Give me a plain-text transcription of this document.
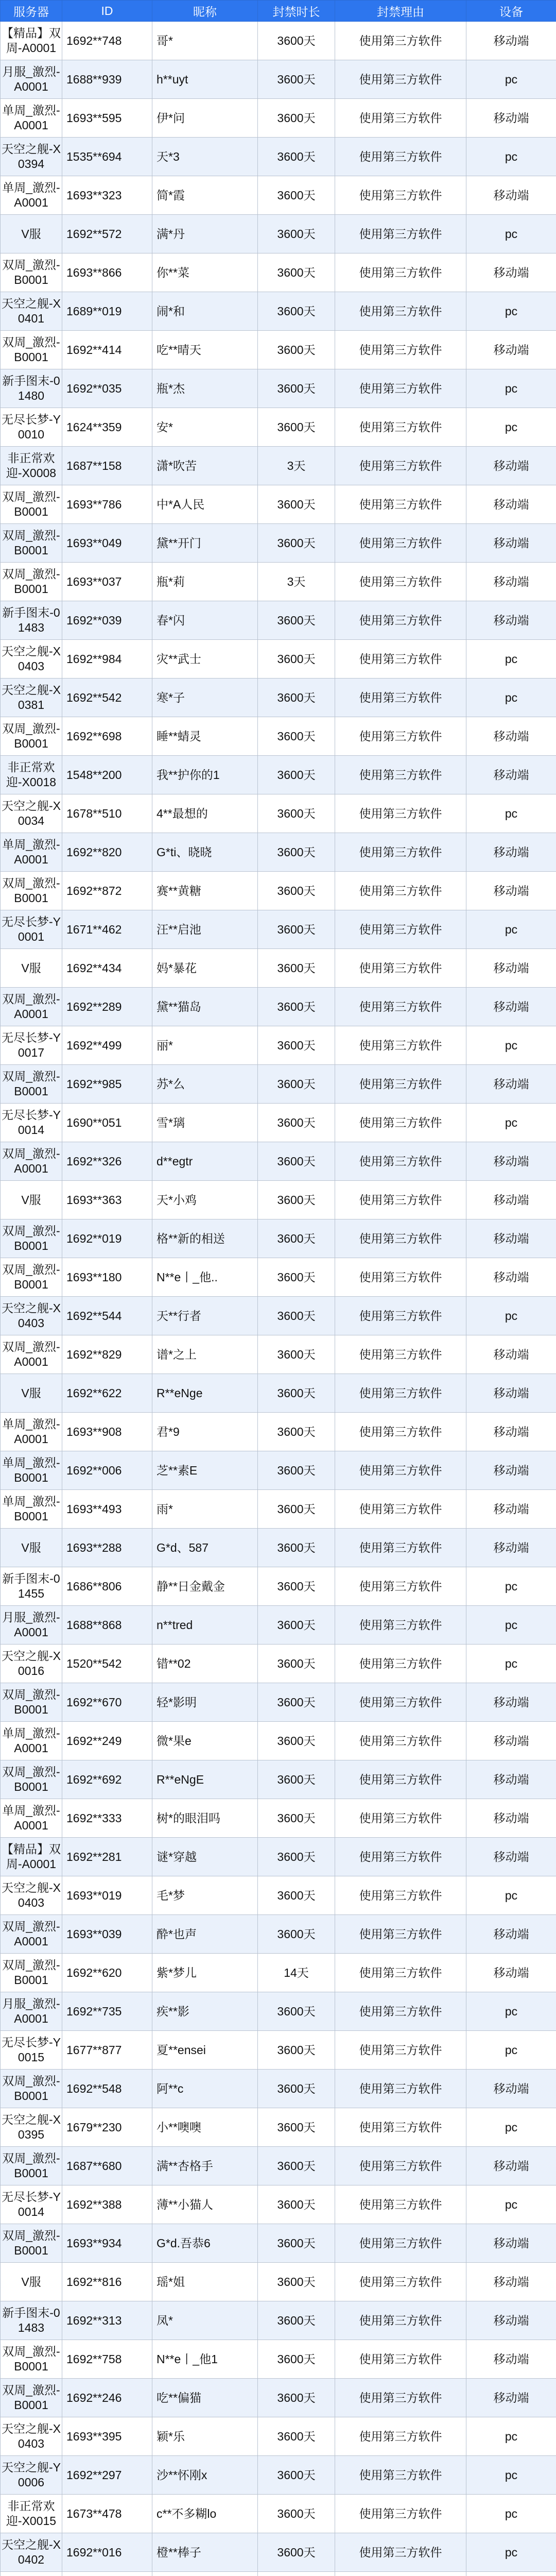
服务器	ID	昵称	封禁时长	封禁理由	设备
【精品】双周-A0001	1692**748	哥*	3600天	使用第三方软件	移动端
月服_激烈-A0001	1688**939	h**uyt	3600天	使用第三方软件	pc
单周_激烈-A0001	1693**595	伊*问	3600天	使用第三方软件	移动端
天空之舰-X0394	1535**694	天*3	3600天	使用第三方软件	pc
单周_激烈-A0001	1693**323	简*霞	3600天	使用第三方软件	移动端
V服	1692**572	满*丹	3600天	使用第三方软件	pc
双周_激烈-B0001	1693**866	你**菜	3600天	使用第三方软件	移动端
天空之舰-X0401	1689**019	闹*和	3600天	使用第三方软件	pc
双周_激烈-B0001	1692**414	吃**晴天	3600天	使用第三方软件	移动端
新手图末-01480	1692**035	瓶*杰	3600天	使用第三方软件	pc
无尽长梦-Y0010	1624**359	安*	3600天	使用第三方软件	pc
非正常欢迎-X0008	1687**158	潇*吹苦	3天	使用第三方软件	移动端
双周_激烈-B0001	1693**786	中*A人民	3600天	使用第三方软件	移动端
双周_激烈-B0001	1693**049	黛**开门	3600天	使用第三方软件	移动端
双周_激烈-B0001	1693**037	瓶*莉	3天	使用第三方软件	移动端
新手图末-01483	1692**039	春*闪	3600天	使用第三方软件	移动端
天空之舰-X0403	1692**984	灾**武士	3600天	使用第三方软件	pc
天空之舰-X0381	1692**542	寒*子	3600天	使用第三方软件	pc
双周_激烈-B0001	1692**698	睡**蜻灵	3600天	使用第三方软件	移动端
非正常欢迎-X0018	1548**200	我**护你的1	3600天	使用第三方软件	移动端
天空之舰-X0034	1678**510	4**最想的	3600天	使用第三方软件	pc
单周_激烈-A0001	1692**820	G*ti、晓晓	3600天	使用第三方软件	移动端
双周_激烈-B0001	1692**872	赛**黄糖	3600天	使用第三方软件	移动端
无尽长梦-Y0001	1671**462	汪**启池	3600天	使用第三方软件	pc
V服	1692**434	妈*暴花	3600天	使用第三方软件	移动端
双周_激烈-A0001	1692**289	黛**猫岛	3600天	使用第三方软件	移动端
无尽长梦-Y0017	1692**499	丽*	3600天	使用第三方软件	pc
双周_激烈-B0001	1692**985	苏*么	3600天	使用第三方软件	移动端
无尽长梦-Y0014	1690**051	雪*璃	3600天	使用第三方软件	pc
双周_激烈-A0001	1692**326	d**egtr	3600天	使用第三方软件	移动端
V服	1693**363	天*小鸡	3600天	使用第三方软件	移动端
双周_激烈-B0001	1692**019	格**新的相送	3600天	使用第三方软件	移动端
双周_激烈-B0001	1693**180	N**e丨_他..	3600天	使用第三方软件	移动端
天空之舰-X0403	1692**544	天**行者	3600天	使用第三方软件	pc
双周_激烈-A0001	1692**829	谱*之上	3600天	使用第三方软件	移动端
V服	1692**622	R**eNge	3600天	使用第三方软件	移动端
单周_激烈-A0001	1693**908	君*9	3600天	使用第三方软件	移动端
单周_激烈-B0001	1692**006	芝**素E	3600天	使用第三方软件	移动端
单周_激烈-B0001	1693**493	雨*	3600天	使用第三方软件	移动端
V服	1693**288	G*d、587	3600天	使用第三方软件	移动端
新手图末-01455	1686**806	静**日金戴金	3600天	使用第三方软件	pc
月服_激烈-A0001	1688**868	n**tred	3600天	使用第三方软件	pc
天空之舰-X0016	1520**542	错**02	3600天	使用第三方软件	pc
双周_激烈-B0001	1692**670	轻*影明	3600天	使用第三方软件	移动端
单周_激烈-A0001	1692**249	微*果e	3600天	使用第三方软件	移动端
双周_激烈-B0001	1692**692	R**eNgE	3600天	使用第三方软件	移动端
单周_激烈-A0001	1692**333	树*的眼泪吗	3600天	使用第三方软件	移动端
【精品】双周-A0001	1692**281	谜*穿越	3600天	使用第三方软件	移动端
天空之舰-X0403	1693**019	毛*梦	3600天	使用第三方软件	pc
双周_激烈-A0001	1693**039	酔*也声	3600天	使用第三方软件	移动端
双周_激烈-B0001	1692**620	紫*梦儿	14天	使用第三方软件	移动端
月服_激烈-A0001	1692**735	疾**影	3600天	使用第三方软件	pc
无尽长梦-Y0015	1677**877	夏**ensei	3600天	使用第三方软件	pc
双周_激烈-B0001	1692**548	阿**c	3600天	使用第三方软件	移动端
天空之舰-X0395	1679**230	小**噢噢	3600天	使用第三方软件	pc
双周_激烈-B0001	1687**680	满**杏格手	3600天	使用第三方软件	移动端
无尽长梦-Y0014	1692**388	薄**小猫人	3600天	使用第三方软件	pc
双周_激烈-B0001	1693**934	G*d.吾恭6	3600天	使用第三方软件	移动端
V服	1692**816	瑶*姐	3600天	使用第三方软件	移动端
新手图末-01483	1692**313	凤*	3600天	使用第三方软件	移动端
双周_激烈-B0001	1692**758	N**e丨_他1	3600天	使用第三方软件	移动端
双周_激烈-B0001	1692**246	吃**偏猫	3600天	使用第三方软件	移动端
天空之舰-X0403	1693**395	颖*乐	3600天	使用第三方软件	pc
天空之舰-Y0006	1692**297	沙**怀刚x	3600天	使用第三方软件	pc
非正常欢迎-X0015	1673**478	c**不多糊lo	3600天	使用第三方软件	pc
天空之舰-X0402	1692**016	橙**棒子	3600天	使用第三方软件	pc
